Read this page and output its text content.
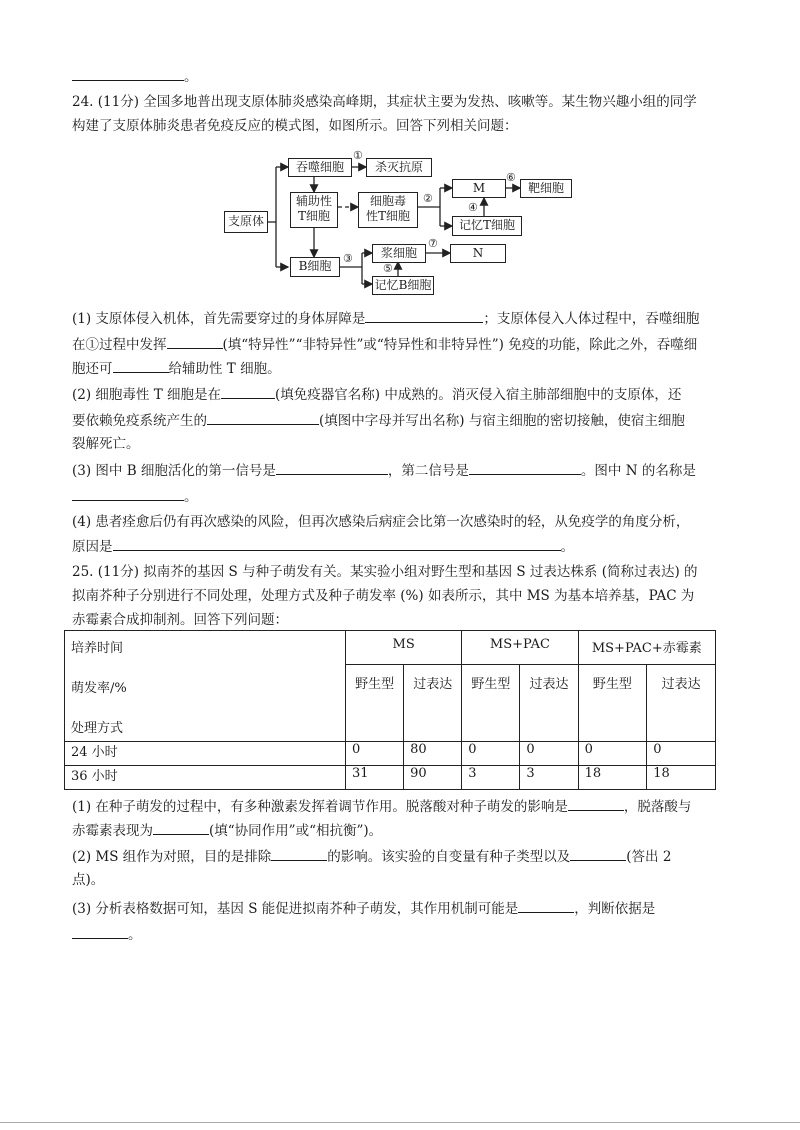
。
24. (11分) 全国多地普出现支原体肺炎感染高峰期，其症状主要为发热、咳嗽等。某生物兴趣小组的同学
构建了支原体肺炎患者免疫反应的模式图，如图所示。回答下列相关问题：
支原体
吞噬细胞	杀灭抗原
辅助性
T细胞
细胞毒
性T细胞
M	靶细胞
记忆T细胞
B细胞
浆细胞	N
记忆B细胞
①
②
③
④
⑤
⑥
⑦
(1) 支原体侵入机体，首先需要穿过的身体屏障是	；支原体侵入人体过程中，吞噬细胞
在①过程中发挥	(填“特异性”“非特异性”或“特异性和非特异性”) 免疫的功能，除此之外，吞噬细
胞还可	给辅助性 T 细胞。
(2) 细胞毒性 T 细胞是在	(填免疫器官名称) 中成熟的。消灭侵入宿主肺部细胞中的支原体，还
要依赖免疫系统产生的	(填图中字母并写出名称) 与宿主细胞的密切接触，使宿主细胞
裂解死亡。
(3) 图中 B 细胞活化的第一信号是	，第二信号是	。图中 N 的名称是
。
(4) 患者痊愈后仍有再次感染的风险，但再次感染后病症会比第一次感染时的轻，从免疫学的角度分析，
原因是	。
25. (11分) 拟南芥的基因 S 与种子萌发有关。某实验小组对野生型和基因 S 过表达株系 (简称过表达) 的
拟南芥种子分别进行不同处理，处理方式及种子萌发率 (%) 如表所示，其中 MS 为基本培养基，PAC 为
赤霉素合成抑制剂。回答下列问题：
培养时间
萌发率/%
处理方式	MS		MS+PAC		MS+PAC+赤霉素	
	野生型	过表达	野生型	过表达	野生型	过表达

24 小时	0	80	0	0	0	0
36 小时	31	90	3	3	18	18
(1) 在种子萌发的过程中，有多种激素发挥着调节作用。脱落酸对种子萌发的影响是	，脱落酸与
赤霉素表现为	(填“协同作用”或“相抗衡”)。
(2) MS 组作为对照，目的是排除	的影响。该实验的自变量有种子类型以及	(答出 2
点)。
(3) 分析表格数据可知，基因 S 能促进拟南芥种子萌发，其作用机制可能是	，判断依据是
。
